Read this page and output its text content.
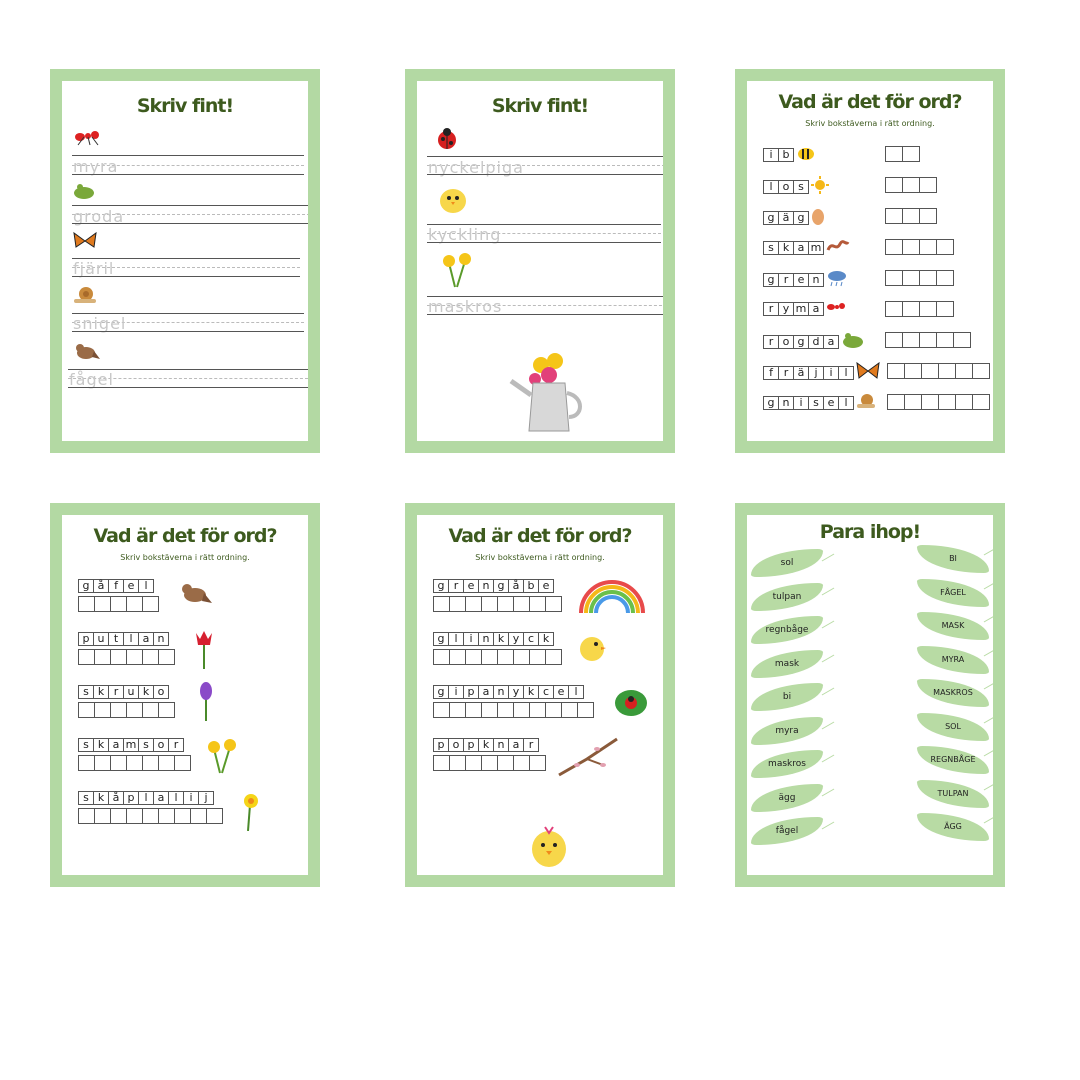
Skriv fint!
myra
groda
fjäril
snigel
fågel
Skriv fint!
nyckelpiga
kyckling
maskros
Vad är det för ord?
Skriv bokstäverna i rätt ordning.
i b
l o s
g ä g
s k a m
g r e n
r y m a
r o g d a
f r ä j	i	l
g n i s e l
Vad är det för ord?
Skriv bokstäverna i rätt ordning.
g å f e l
p u t	l a n
s k r u k o
s k a m s o r
s k å p l a l	i	j
Vad är det för ord?
Skriv bokstäverna i rätt ordning.
g r e n g å b e
g l	i n k y c k
g i p a n y k c e l
p o p k n a r
Para ihop!
sol
tulpan
regnbåge
mask
bi
myra
maskros
ägg
fågel
BI
FÅGEL
MASK
MYRA
MASKROS
SOL
REGNBÅGE
TULPAN
ÄGG
